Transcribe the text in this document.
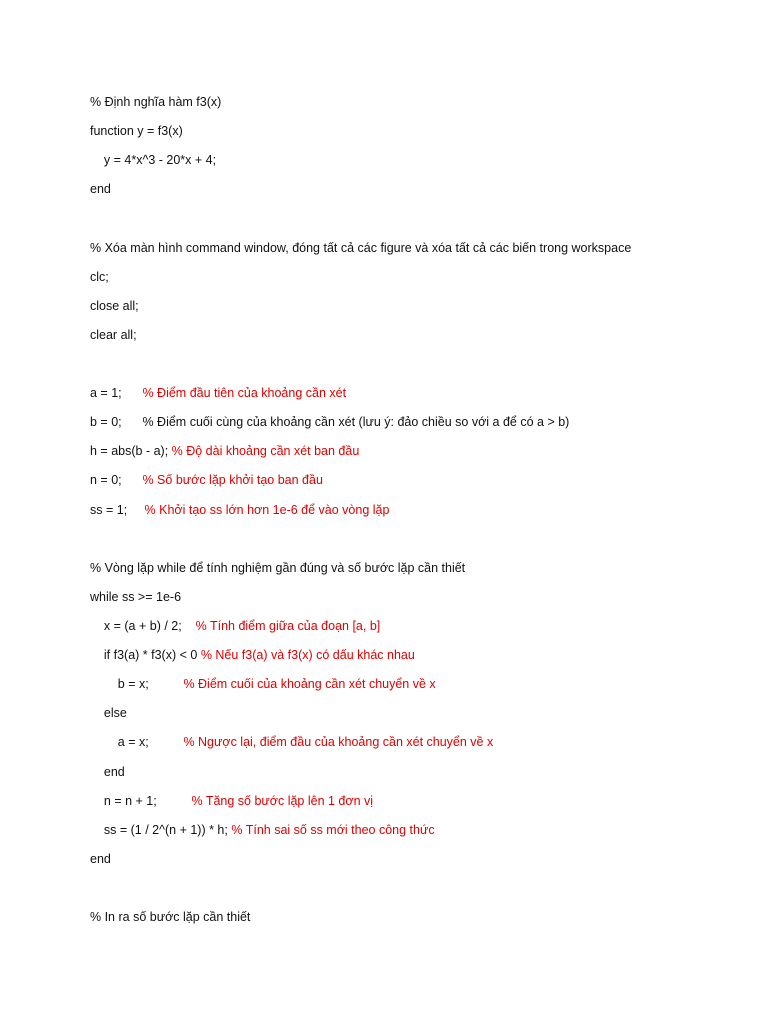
% Định nghĩa hàm f3(x)
function y = f3(x)
y = 4*x^3 - 20*x + 4;
end
% Xóa màn hình command window, đóng tất cả các figure và xóa tất cả các biến trong workspace
clc;
close all;
clear all;
a = 1;      % Điểm đầu tiên của khoảng cần xét
b = 0;      % Điểm cuối cùng của khoảng cần xét (lưu ý: đảo chiều so với a để có a > b)
h = abs(b - a); % Độ dài khoảng cần xét ban đầu
n = 0;      % Số bước lặp khởi tạo ban đầu
ss = 1;     % Khởi tạo ss lớn hơn 1e-6 để vào vòng lặp
% Vòng lặp while để tính nghiệm gần đúng và số bước lặp cần thiết
while ss >= 1e-6
x = (a + b) / 2;    % Tính điểm giữa của đoạn [a, b]
if f3(a) * f3(x) < 0 % Nếu f3(a) và f3(x) có dấu khác nhau
b = x;          % Điểm cuối của khoảng cần xét chuyển về x
else
a = x;          % Ngược lại, điểm đầu của khoảng cần xét chuyển về x
end
n = n + 1;          % Tăng số bước lặp lên 1 đơn vị
ss = (1 / 2^(n + 1)) * h; % Tính sai số ss mới theo công thức
end
% In ra số bước lặp cần thiết
